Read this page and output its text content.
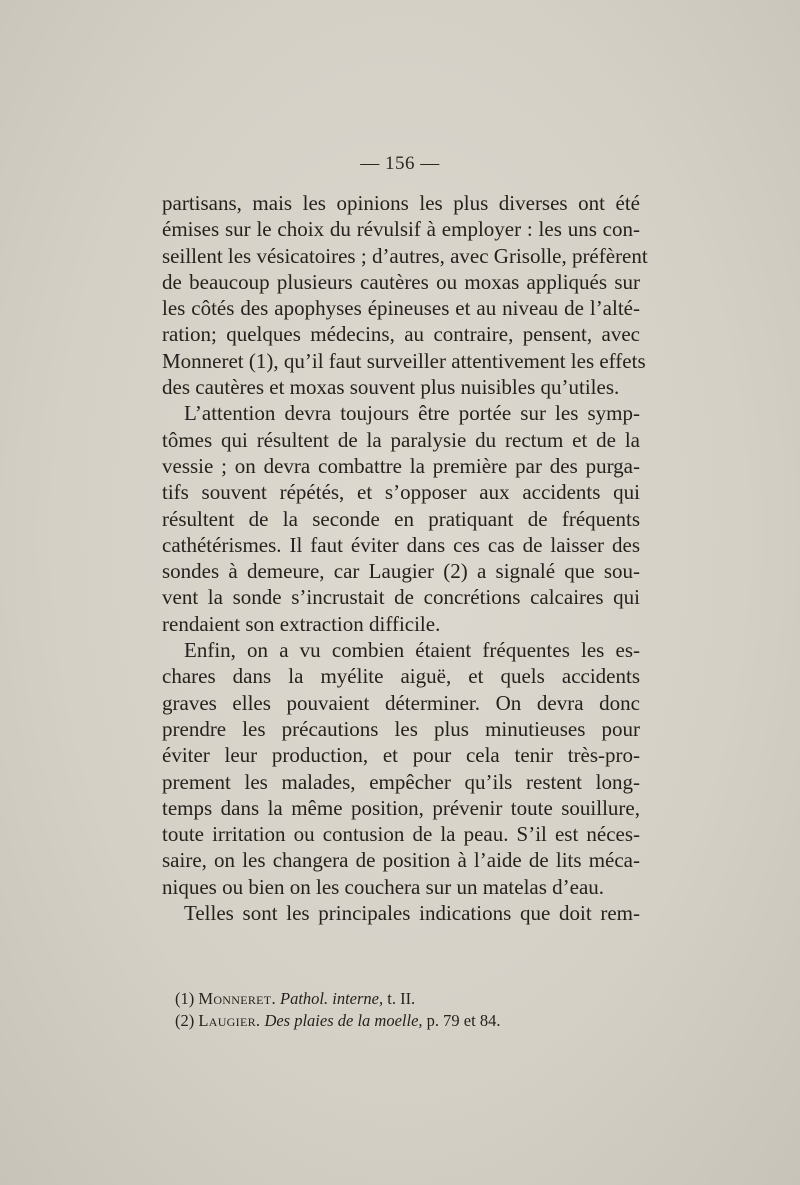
— 156 —
partisans, mais les opinions les plus diverses ont été
émises sur le choix du révulsif à employer : les uns con-
seillent les vésicatoires ; d’autres, avec Grisolle, préfèrent
de beaucoup plusieurs cautères ou moxas appliqués sur
les côtés des apophyses épineuses et au niveau de l’alté-
ration; quelques médecins, au contraire, pensent, avec
Monneret (1), qu’il faut surveiller attentivement les effets
des cautères et moxas souvent plus nuisibles qu’utiles.
L’attention devra toujours être portée sur les symp-
tômes qui résultent de la paralysie du rectum et de la
vessie ; on devra combattre la première par des purga-
tifs souvent répétés, et s’opposer aux accidents qui
résultent de la seconde en pratiquant de fréquents
cathétérismes. Il faut éviter dans ces cas de laisser des
sondes à demeure, car Laugier (2) a signalé que sou-
vent la sonde s’incrustait de concrétions calcaires qui
rendaient son extraction difficile.
Enfin, on a vu combien étaient fréquentes les es-
chares dans la myélite aiguë, et quels accidents
graves elles pouvaient déterminer. On devra donc
prendre les précautions les plus minutieuses pour
éviter leur production, et pour cela tenir très-pro-
prement les malades, empêcher qu’ils restent long-
temps dans la même position, prévenir toute souillure,
toute irritation ou contusion de la peau. S’il est néces-
saire, on les changera de position à l’aide de lits méca-
niques ou bien on les couchera sur un matelas d’eau.
Telles sont les principales indications que doit rem-
(1) Monneret. Pathol. interne, t. II.
(2) Laugier. Des plaies de la moelle, p. 79 et 84.
